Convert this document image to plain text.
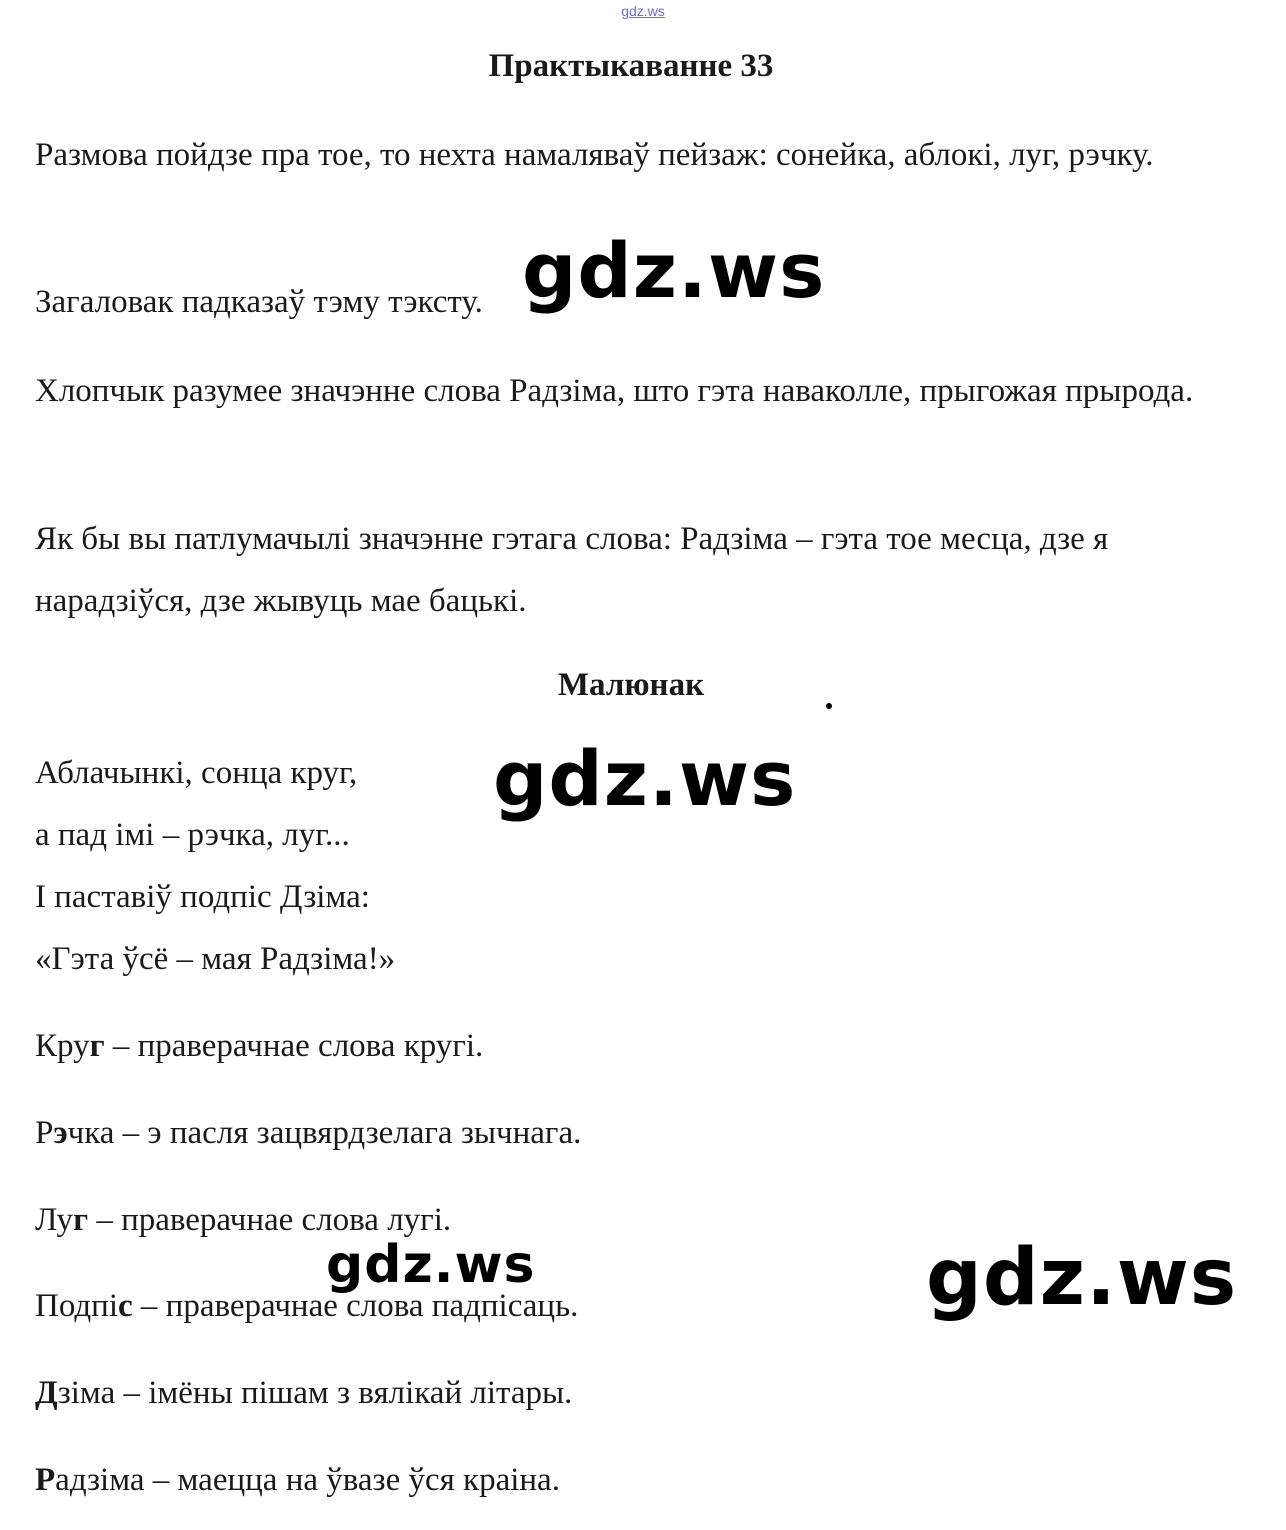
gdz.ws
Практыкаванне 33

Размова пойдзе пра тое, то нехта намаляваў пейзаж: сонейка, аблокі, луг, рэчку.

Загаловак падказаў тэму тэксту.

Хлопчык разумее значэнне слова Радзіма, што гэта наваколле, прыгожая прырода.

Як бы вы патлумачылі значэнне гэтага слова: Радзіма – гэта тое месца, дзе я нарадзіўся, дзе жывуць мае бацькі.

Малюнак

Аблачынкі, сонца круг,

а пад імі – рэчка, луг...

І паставіў подпіс Дзіма:

«Гэта ўсё – мая Радзіма!»

Круг – праверачнае слова кругі.

Рэчка – э пасля зацвярдзелага зычнага.

Луг – праверачнае слова лугі.

Подпіс – праверачнае слова падпісаць.

Дзіма – імёны пішам з вялікай літары.

Радзіма – маецца на ўвазе ўся краіна.

gdz.ws
gdz.ws
gdz.ws	gdz.ws
